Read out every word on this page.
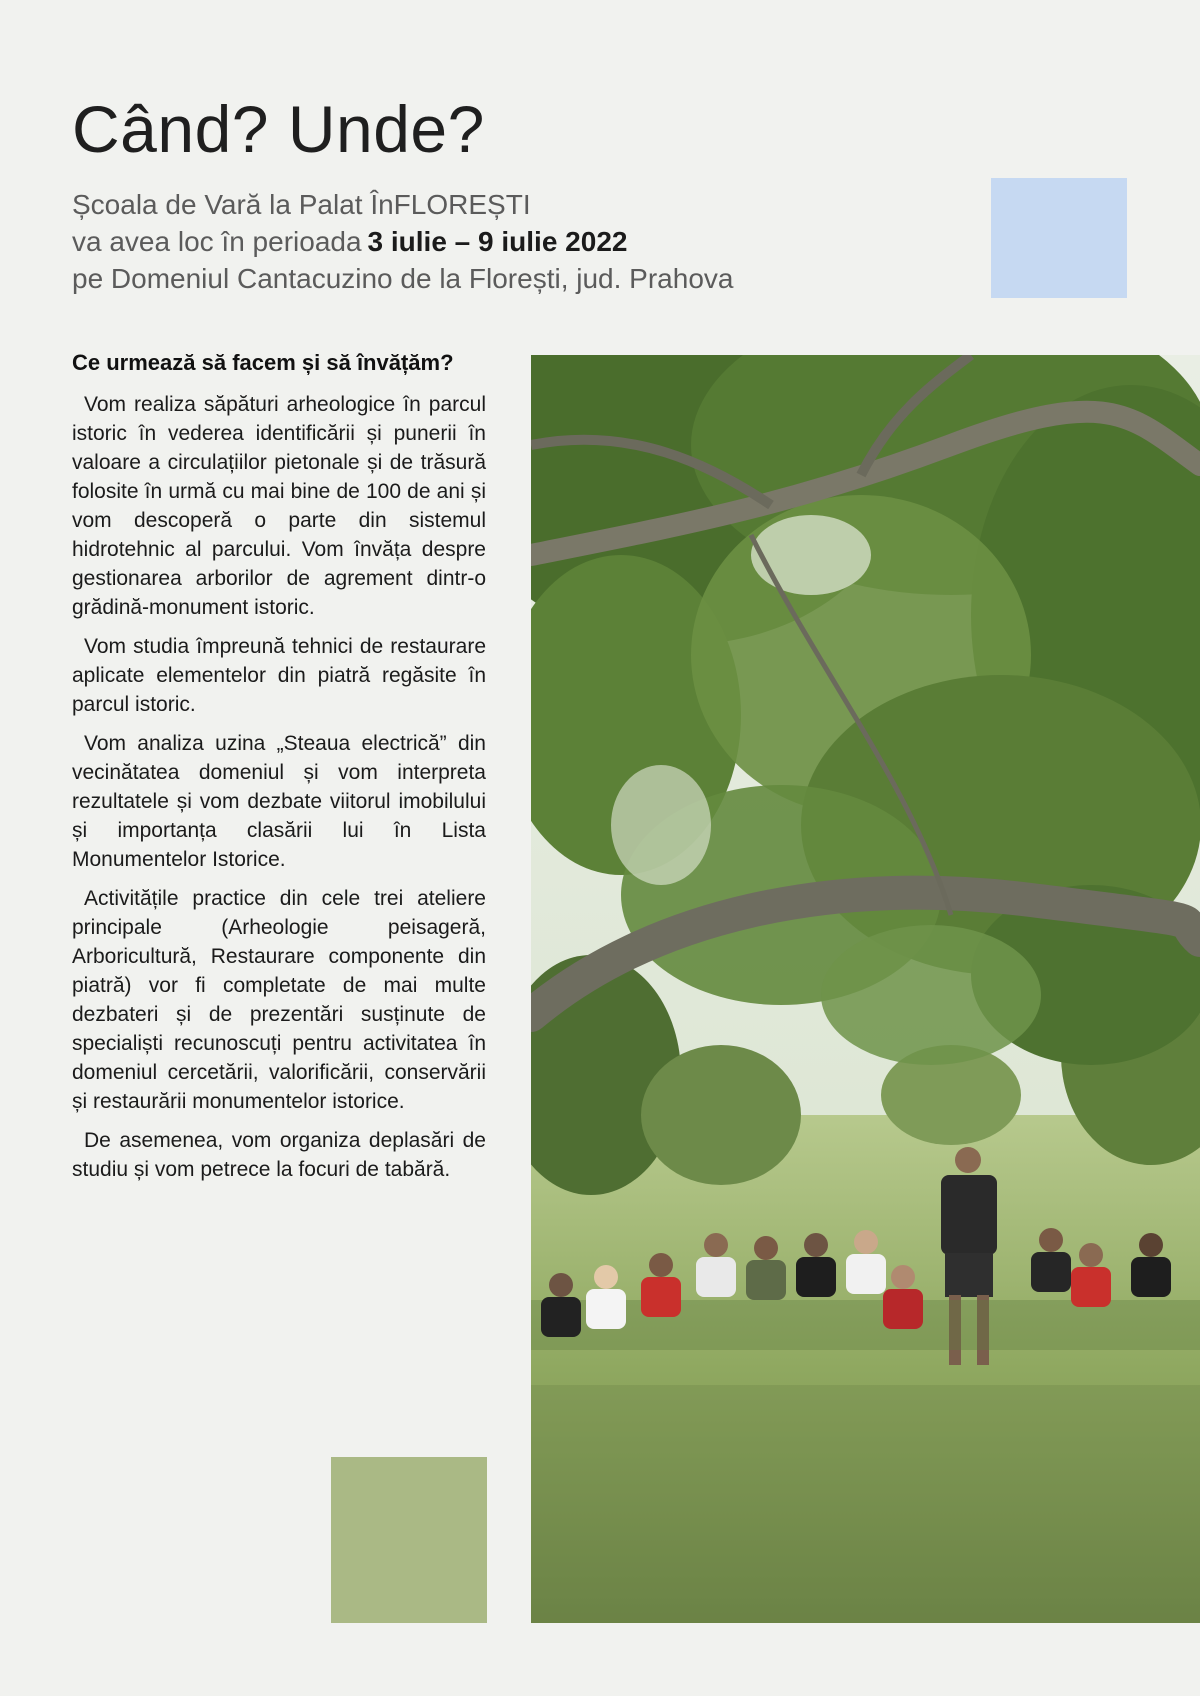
Când? Unde?
Școala de Vară la Palat ÎnFLOREȘTI
va avea loc în perioada 3 iulie – 9 iulie 2022
pe Domeniul Cantacuzino de la Florești, jud. Prahova

Ce urmează să facem și să învățăm?

Vom realiza săpături arheologice în parcul istoric în vederea identificării și punerii în valoare a circulațiilor pietonale și de trăsură folosite în urmă cu mai bine de 100 de ani și vom descoperă o parte din sistemul hidrotehnic al parcului. Vom învăța despre gestionarea arborilor de agrement dintr-o grădină-monument istoric.

Vom studia împreună tehnici de restaurare aplicate elementelor din piatră regăsite în parcul istoric.

Vom analiza uzina „Steaua electrică” din vecinătatea domeniul și vom interpreta rezultatele și vom dezbate viitorul imobilului și importanța clasării lui în Lista Monumentelor Istorice.

Activitățile practice din cele trei ateliere principale (Arheologie peisageră, Arboricultură, Restaurare componente din piatră) vor fi completate de mai multe dezbateri și de prezentări susținute de specialiști recunoscuți pentru activitatea în domeniul cercetării, valorificării, conservării și restaurării monumentelor istorice.

De asemenea, vom organiza deplasări de studiu și vom petrece la focuri de tabără.
